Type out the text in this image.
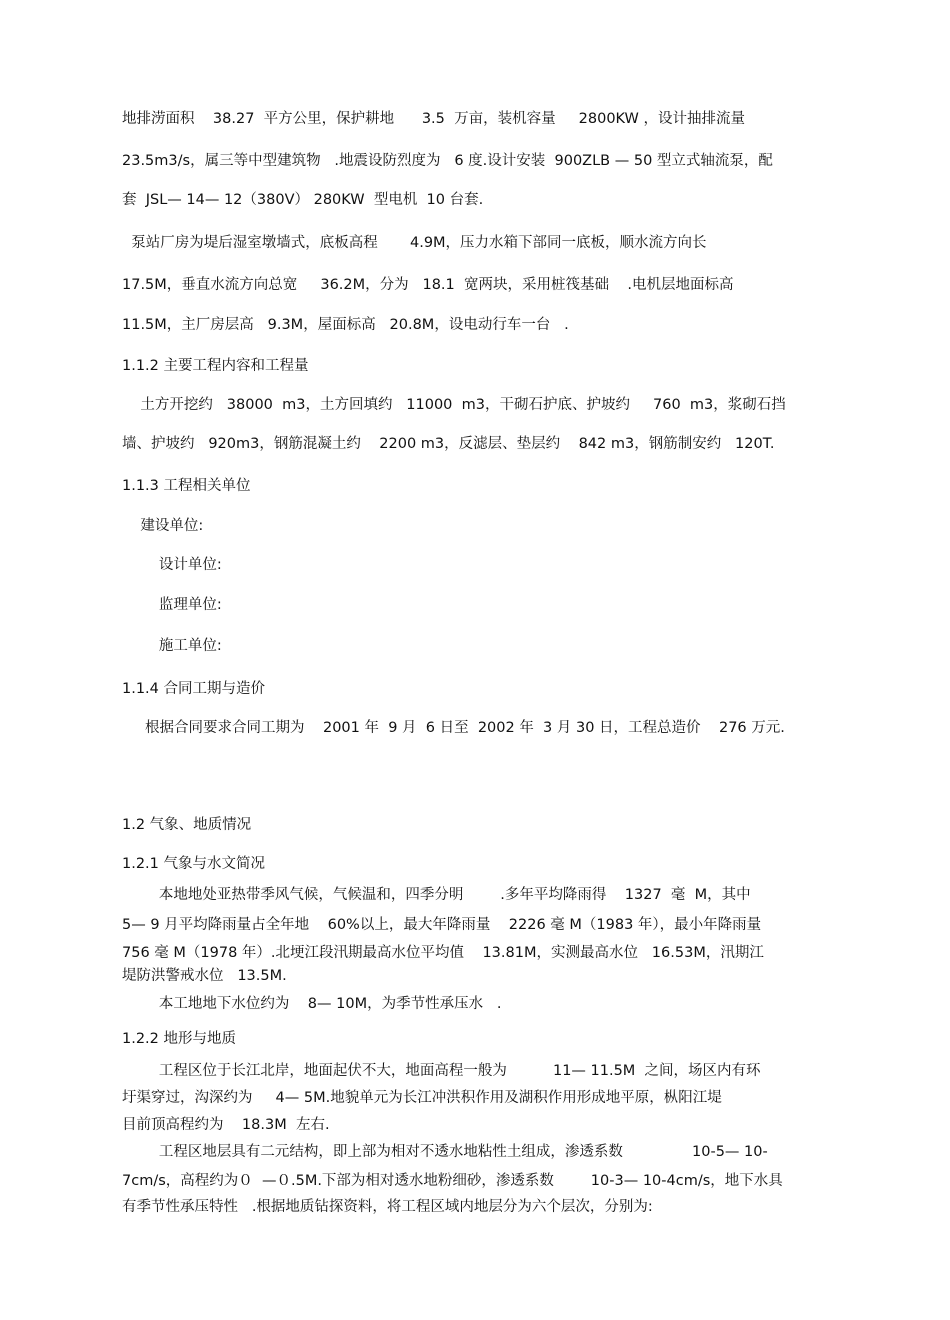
地排涝面积    38.27  平方公里，保护耕地      3.5  万亩，装机容量     2800KW ，设计抽排流量
23.5m3/s，属三等中型建筑物   .地震设防烈度为   6 度.设计安装  900ZLB — 50 型立式轴流泵，配
套  JSL— 14— 12（380V） 280KW  型电机  10 台套.
泵站厂房为堤后湿室墩墙式，底板高程       4.9M，压力水箱下部同一底板，顺水流方向长
17.5M，垂直水流方向总宽     36.2M，分为   18.1  宽两块，采用桩筏基础    .电机层地面标高
11.5M，主厂房层高   9.3M，屋面标高   20.8M，设电动行车一台   .
1.1.2 主要工程内容和工程量
土方开挖约   38000  m3，土方回填约   11000  m3，干砌石护底、护坡约     760  m3，浆砌石挡
墙、护坡约   920m3，钢筋混凝土约    2200 m3，反滤层、垫层约    842 m3，钢筋制安约   120T.
1.1.3 工程相关单位
建设单位:
设计单位:
监理单位:
施工单位:
1.1.4 合同工期与造价
根据合同要求合同工期为    2001 年  9 月  6 日至  2002 年  3 月 30 日，工程总造价    276 万元.
1.2 气象、地质情况
1.2.1 气象与水文简况
本地地处亚热带季风气候，气候温和，四季分明        .多年平均降雨得    1327  毫  M，其中
5— 9 月平均降雨量占全年地    60%以上，最大年降雨量    2226 毫 M（1983 年），最小年降雨量
756 毫 M（1978 年）.北埂江段汛期最高水位平均值    13.81M，实测最高水位   16.53M，汛期江
堤防洪警戒水位   13.5M.
本工地地下水位约为    8— 10M，为季节性承压水   .
1.2.2 地形与地质
工程区位于长江北岸，地面起伏不大，地面高程一般为          11— 11.5M  之间，场区内有环
圩渠穿过，沟深约为     4— 5M.地貌单元为长江冲洪积作用及湖积作用形成地平原，枞阳江堤
目前顶高程约为    18.3M  左右.
工程区地层具有二元结构，即上部为相对不透水地粘性土组成，渗透系数               10-5— 10-
7cm/s，高程约为０  —０.5M.下部为相对透水地粉细砂，渗透系数        10-3— 10-4cm/s，地下水具
有季节性承压特性   .根据地质钻探资料，将工程区域内地层分为六个层次，分别为:
